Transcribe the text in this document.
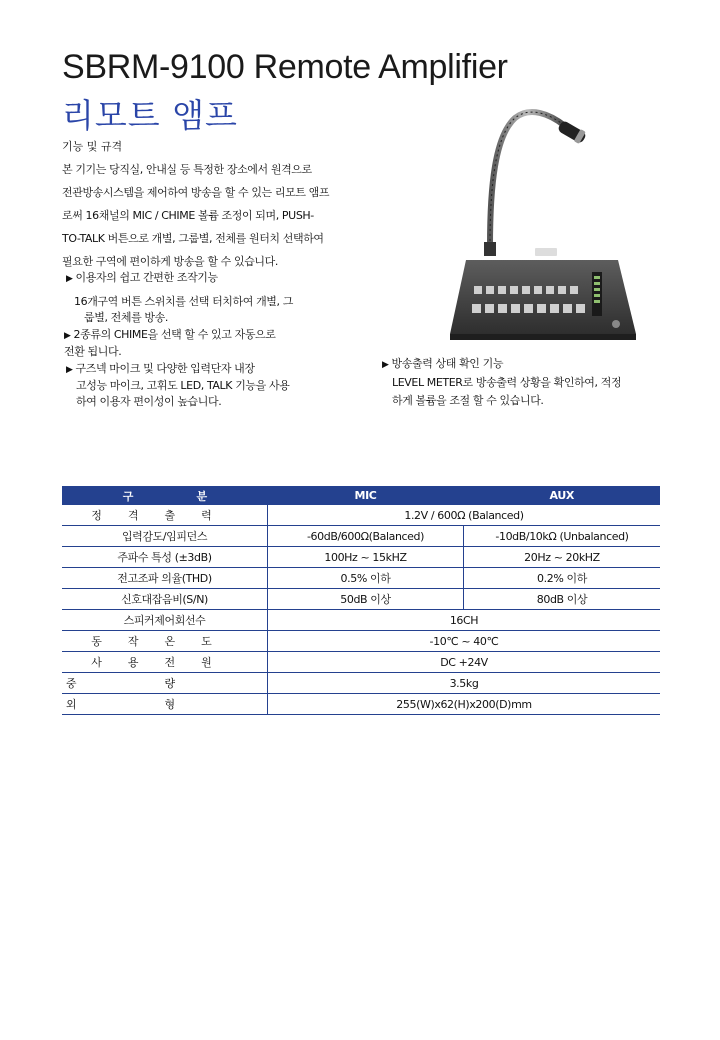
SBRM-9100 Remote Amplifier
리모트 앰프
기능 및 규격

본 기기는 당직실, 안내실 등 특정한 장소에서 원격으로

전관방송시스템을 제어하여 방송을 할 수 있는 리모트 앰프

로써 16채널의 MIC / CHIME 볼륨 조정이 되며, PUSH-

TO-TALK 버튼으로 개별, 그룹별, 전체를 원터치 선택하여

필요한 구역에 편이하게 방송을 할 수 있습니다.

▶ 이용자의 쉽고 간편한 조작기능

16개구역 버튼 스위치를 선택 터치하여 개별, 그

룹별, 전체를 방송.

▶ 2종류의 CHIME을 선택 할 수 있고 자동으로

전환 됩니다.

▶ 구즈넥 마이크 및 다양한 입력단자 내장

고성능 마이크, 고휘도 LED, TALK 기능을 사용

하여 이용자 편이성이 높습니다.

▶ 방송출력 상태 확인 기능

LEVEL METER로 방송출력 상황을 확인하여, 적정

하게 볼륨을 조절 할 수 있습니다.

구 분	MIC	AUX
정격출력	1.2V / 600Ω (Balanced)	
입력감도/임피던스	-60dB/600Ω(Balanced)	-10dB/10kΩ (Unbalanced)
주파수 특성 (±3dB)	100Hz ~ 15kHZ	20Hz ~ 20kHZ
전고조파 의율(THD)	0.5% 이하	0.2% 이하
신호대잡음비(S/N)	50dB 이상	80dB 이상
스피커제어회선수	16CH	
동작온도	-10℃ ~ 40℃	
사용전원	DC +24V	
중량	3.5kg	
외형	255(W)x62(H)x200(D)mm	
